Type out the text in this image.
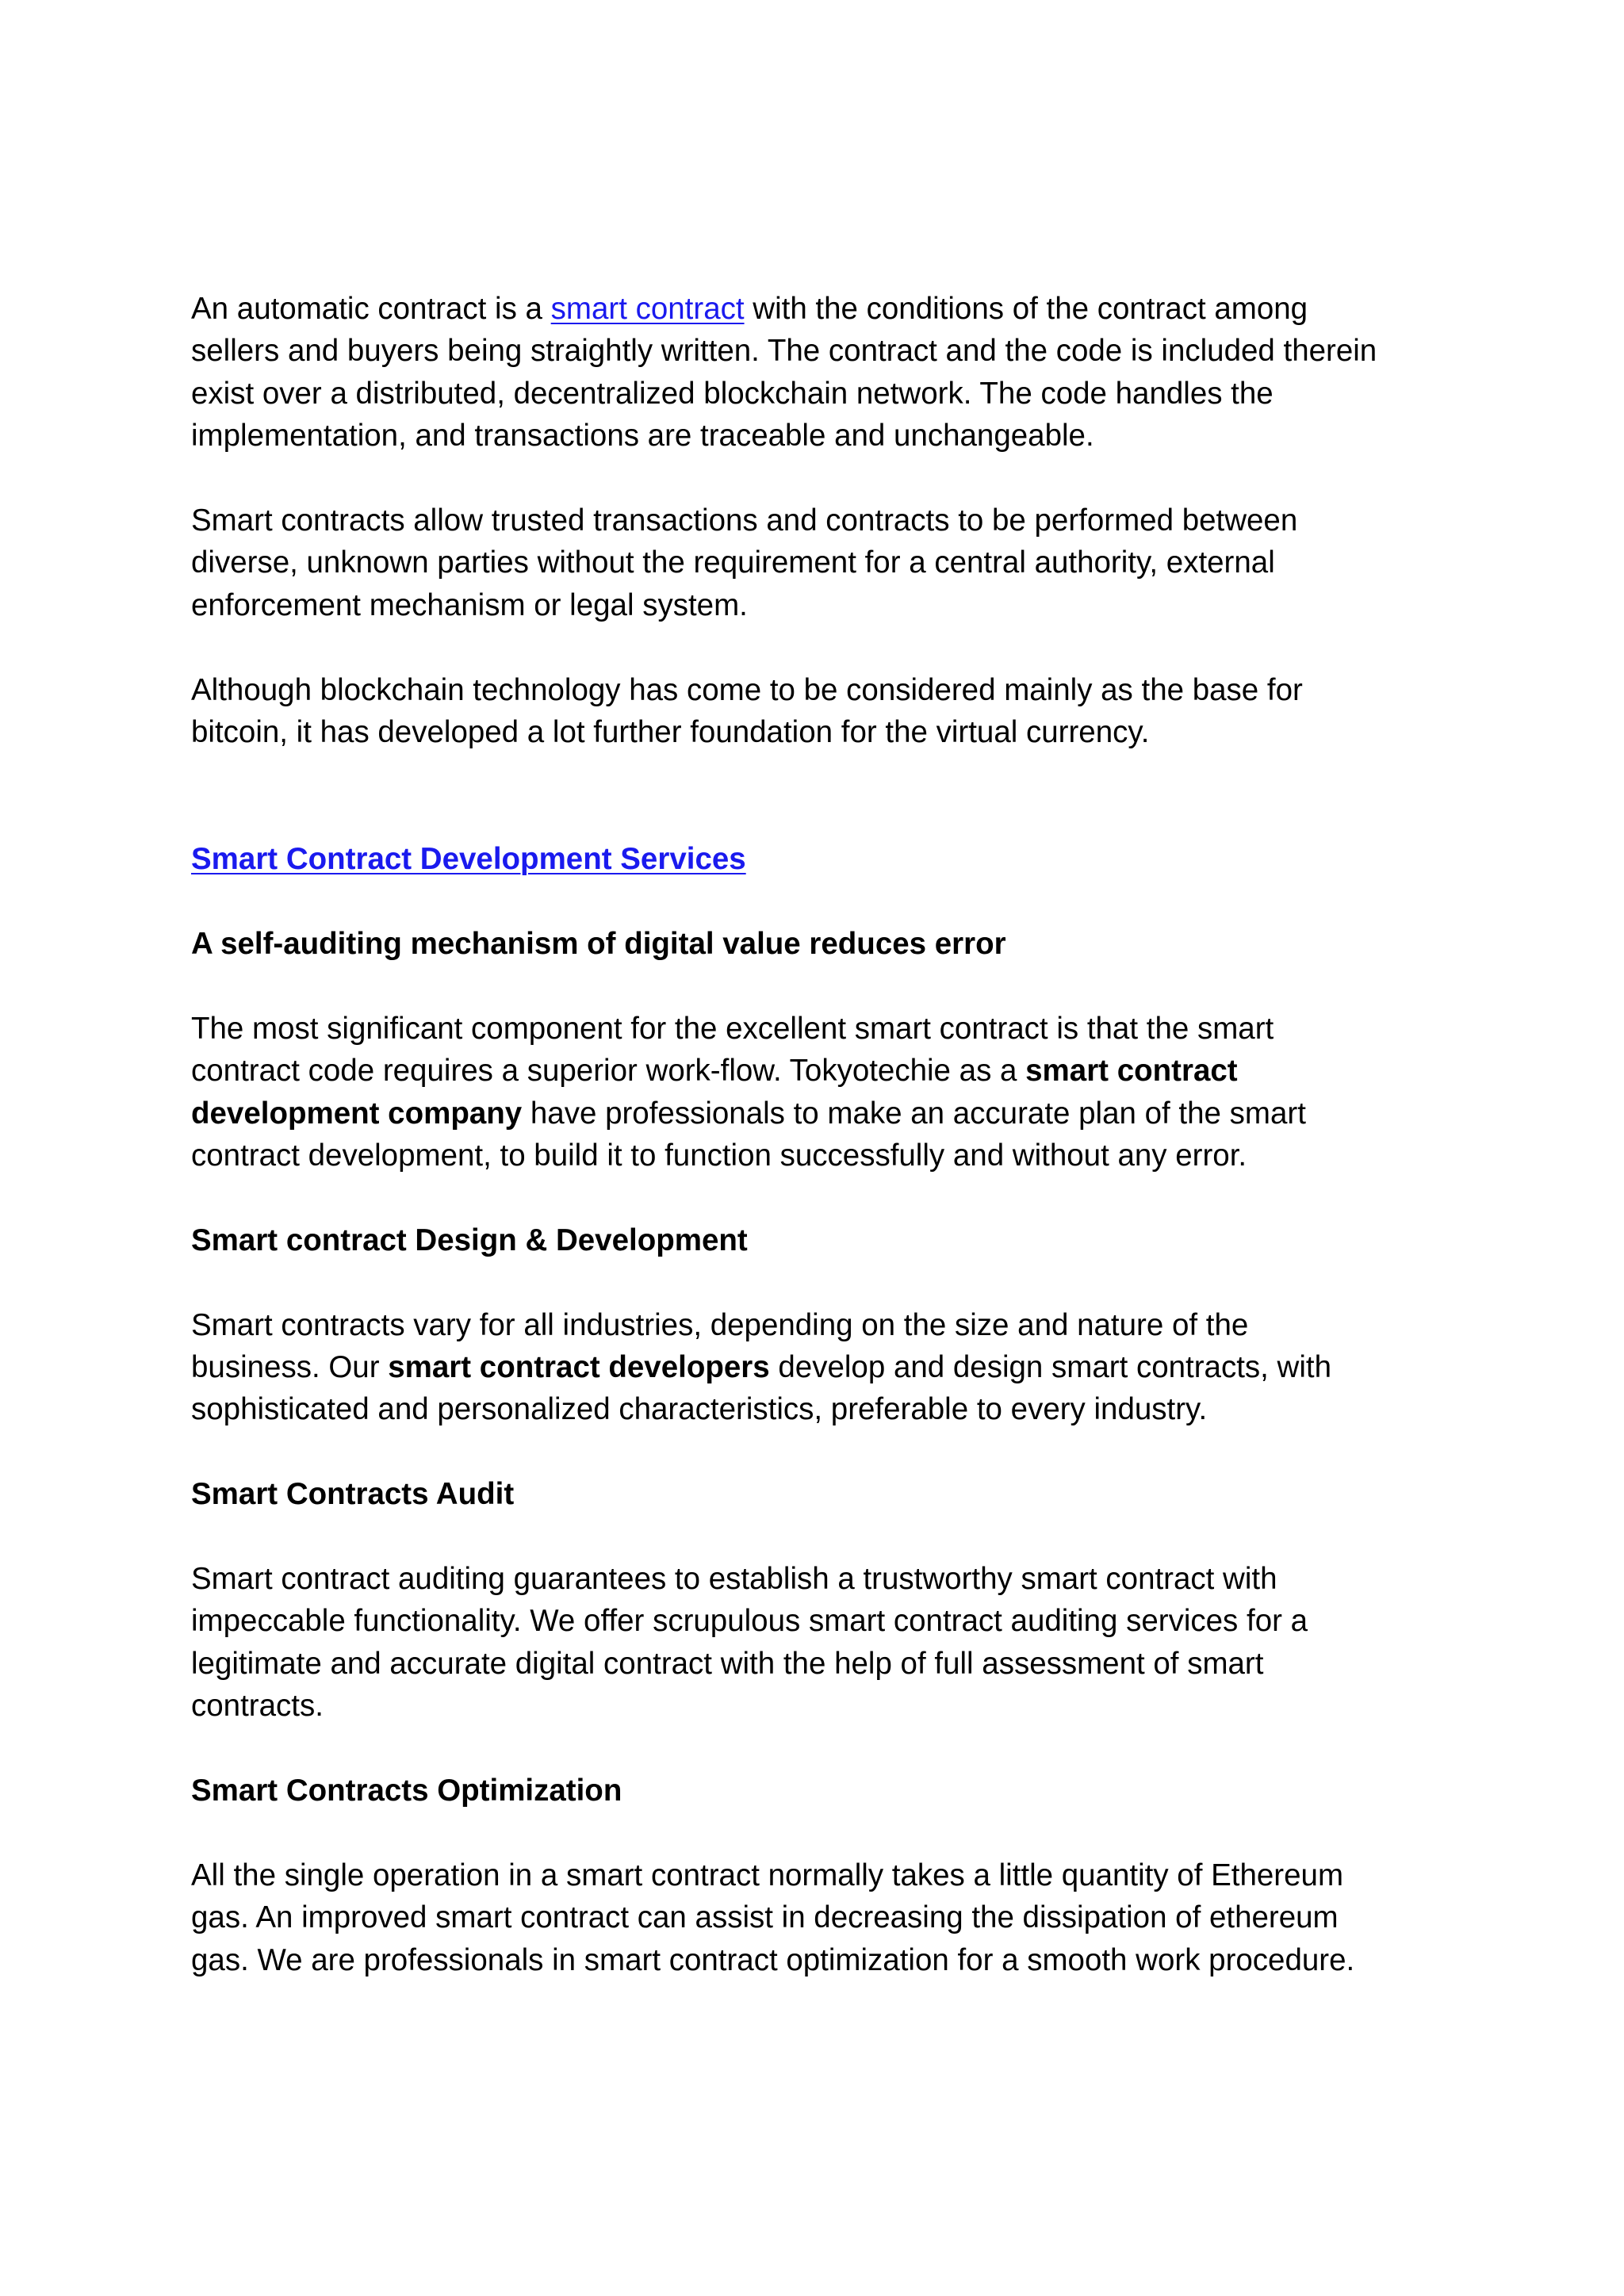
An automatic contract is a smart contract with the conditions of the contract among

sellers and buyers being straightly written. The contract and the code is included therein

exist over a distributed, decentralized blockchain network. The code handles the

implementation, and transactions are traceable and unchangeable.

Smart contracts allow trusted transactions and contracts to be performed between

diverse, unknown parties without the requirement for a central authority, external

enforcement mechanism or legal system.

Although blockchain technology has come to be considered mainly as the base for

bitcoin, it has developed a lot further foundation for the virtual currency.

Smart Contract Development Services

A self-auditing mechanism of digital value reduces error

The most significant component for the excellent smart contract is that the smart

contract code requires a superior work-flow. Tokyotechie as a smart contract

development company have professionals to make an accurate plan of the smart

contract development, to build it to function successfully and without any error.

Smart contract Design & Development

Smart contracts vary for all industries, depending on the size and nature of the

business. Our smart contract developers develop and design smart contracts, with

sophisticated and personalized characteristics, preferable to every industry.

Smart Contracts Audit

Smart contract auditing guarantees to establish a trustworthy smart contract with

impeccable functionality. We offer scrupulous smart contract auditing services for a

legitimate and accurate digital contract with the help of full assessment of smart

contracts.

Smart Contracts Optimization

All the single operation in a smart contract normally takes a little quantity of Ethereum

gas. An improved smart contract can assist in decreasing the dissipation of ethereum

gas. We are professionals in smart contract optimization for a smooth work procedure.
